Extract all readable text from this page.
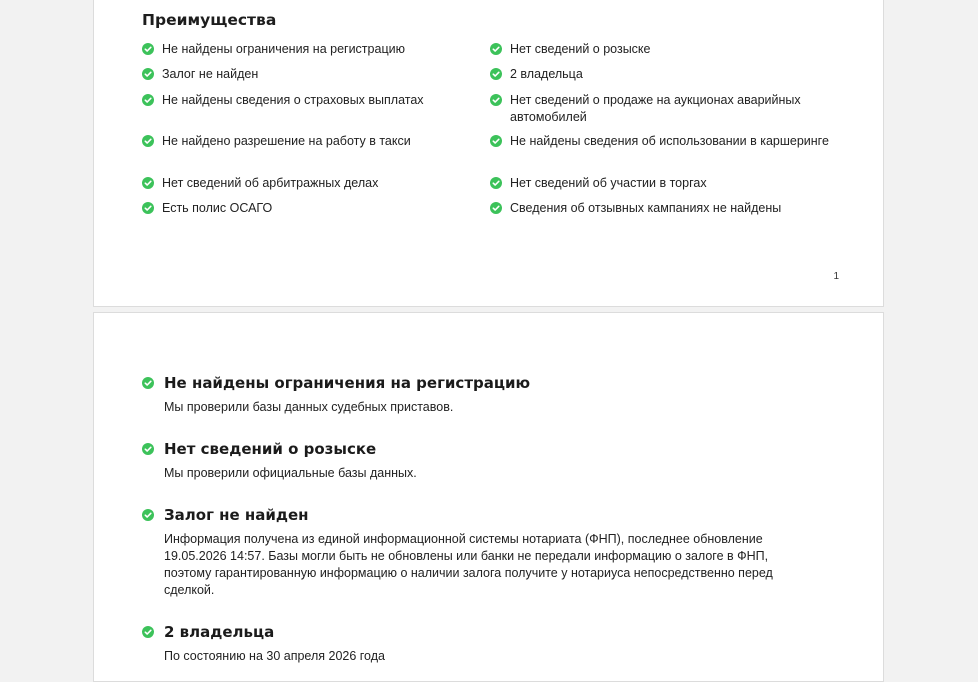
Преимущества
Не найдены ограничения на регистрацию
Залог не найден
Не найдены сведения о страховых выплатах
Не найдено разрешение на работу в такси
Нет сведений об арбитражных делах
Есть полис ОСАГО
Нет сведений о розыске
2 владельца
Нет сведений о продаже на аукционах аварийных автомобилей
Не найдены сведения об использовании в каршеринге
Нет сведений об участии в торгах
Сведения об отзывных кампаниях не найдены
1
Не найдены ограничения на регистрацию
Мы проверили базы данных судебных приставов.
Нет сведений о розыске
Мы проверили официальные базы данных.
Залог не найден
Информация получена из единой информационной системы нотариата (ФНП), последнее обновление 19.05.2026 14:57. Базы могли быть не обновлены или банки не передали информацию о залоге в ФНП, поэтому гарантированную информацию о наличии залога получите у нотариуса непосредственно перед сделкой.
2 владельца
По состоянию на 30 апреля 2026 года
